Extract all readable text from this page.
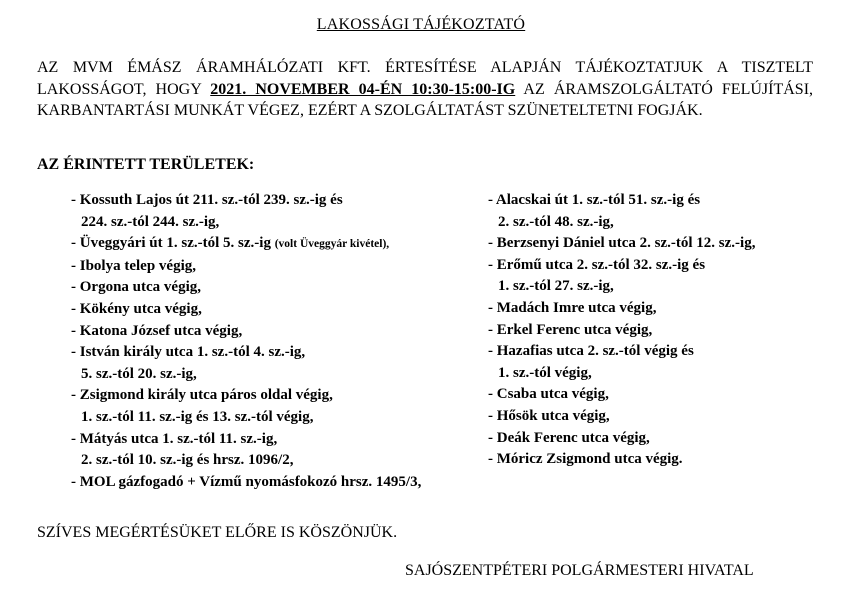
LAKOSSÁGI TÁJÉKOZTATÓ
AZ MVM ÉMÁSZ ÁRAMHÁLÓZATI KFT. ÉRTESÍTÉSE ALAPJÁN TÁJÉKOZTATJUK A TISZTELT LAKOSSÁGOT, HOGY 2021. NOVEMBER 04-ÉN 10:30-15:00-IG AZ ÁRAMSZOLGÁLTATÓ FELÚJÍTÁSI, KARBANTARTÁSI MUNKÁT VÉGEZ, EZÉRT A SZOLGÁLTATÁST SZÜNETELTETNI FOGJÁK.
AZ ÉRINTETT TERÜLETEK:
- Kossuth Lajos út 211. sz.-tól 239. sz.-ig és
224. sz.-tól 244. sz.-ig,
- Üveggyári út 1. sz.-tól 5. sz.-ig (volt Üveggyár kivétel),
- Ibolya telep végig,
- Orgona utca végig,
- Kökény utca végig,
- Katona József utca végig,
- István király utca 1. sz.-tól 4. sz.-ig,
5. sz.-tól 20. sz.-ig,
- Zsigmond király utca páros oldal végig,
1. sz.-tól 11. sz.-ig és 13. sz.-tól végig,
- Mátyás utca 1. sz.-tól 11. sz.-ig,
2. sz.-tól 10. sz.-ig és hrsz. 1096/2,
- MOL gázfogadó + Vízmű nyomásfokozó hrsz. 1495/3,
- Alacskai út 1. sz.-tól 51. sz.-ig és
2. sz.-tól 48. sz.-ig,
- Berzsenyi Dániel utca 2. sz.-tól 12. sz.-ig,
- Erőmű utca 2. sz.-tól 32. sz.-ig és
1. sz.-tól 27. sz.-ig,
- Madách Imre utca végig,
- Erkel Ferenc utca végig,
- Hazafias utca 2. sz.-tól végig és
1. sz.-tól végig,
- Csaba utca végig,
- Hősök utca végig,
- Deák Ferenc utca végig,
- Móricz Zsigmond utca végig.
SZÍVES MEGÉRTÉSÜKET ELŐRE IS KÖSZÖNJÜK.
SAJÓSZENTPÉTERI POLGÁRMESTERI HIVATAL
